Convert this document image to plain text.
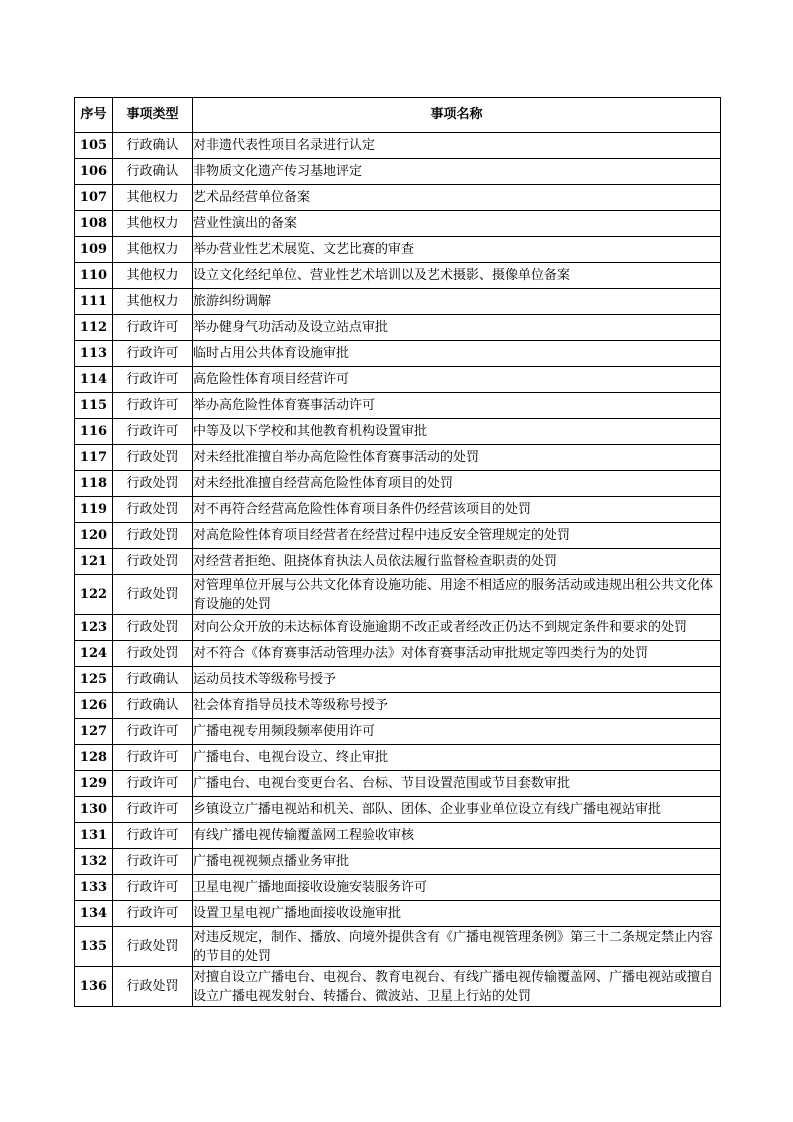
序号	事项类型	事项名称
105	行政确认	对非遗代表性项目名录进行认定
106	行政确认	非物质文化遗产传习基地评定
107	其他权力	艺术品经营单位备案
108	其他权力	营业性演出的备案
109	其他权力	举办营业性艺术展览、文艺比赛的审查
110	其他权力	设立文化经纪单位、营业性艺术培训以及艺术摄影、摄像单位备案
111	其他权力	旅游纠纷调解
112	行政许可	举办健身气功活动及设立站点审批
113	行政许可	临时占用公共体育设施审批
114	行政许可	高危险性体育项目经营许可
115	行政许可	举办高危险性体育赛事活动许可
116	行政许可	中等及以下学校和其他教育机构设置审批
117	行政处罚	对未经批准擅自举办高危险性体育赛事活动的处罚
118	行政处罚	对未经批准擅自经营高危险性体育项目的处罚
119	行政处罚	对不再符合经营高危险性体育项目条件仍经营该项目的处罚
120	行政处罚	对高危险性体育项目经营者在经营过程中违反安全管理规定的处罚
121	行政处罚	对经营者拒绝、阻挠体育执法人员依法履行监督检查职责的处罚
122	行政处罚	对管理单位开展与公共文化体育设施功能、用途不相适应的服务活动或违规出租公共文化体育设施的处罚
123	行政处罚	对向公众开放的未达标体育设施逾期不改正或者经改正仍达不到规定条件和要求的处罚
124	行政处罚	对不符合《体育赛事活动管理办法》对体育赛事活动审批规定等四类行为的处罚
125	行政确认	运动员技术等级称号授予
126	行政确认	社会体育指导员技术等级称号授予
127	行政许可	广播电视专用频段频率使用许可
128	行政许可	广播电台、电视台设立、终止审批
129	行政许可	广播电台、电视台变更台名、台标、节目设置范围或节目套数审批
130	行政许可	乡镇设立广播电视站和机关、部队、团体、企业事业单位设立有线广播电视站审批
131	行政许可	有线广播电视传输覆盖网工程验收审核
132	行政许可	广播电视视频点播业务审批
133	行政许可	卫星电视广播地面接收设施安装服务许可
134	行政许可	设置卫星电视广播地面接收设施审批
135	行政处罚	对违反规定，制作、播放、向境外提供含有《广播电视管理条例》第三十二条规定禁止内容的节目的处罚
136	行政处罚	对擅自设立广播电台、电视台、教育电视台、有线广播电视传输覆盖网、广播电视站或擅自设立广播电视发射台、转播台、微波站、卫星上行站的处罚
